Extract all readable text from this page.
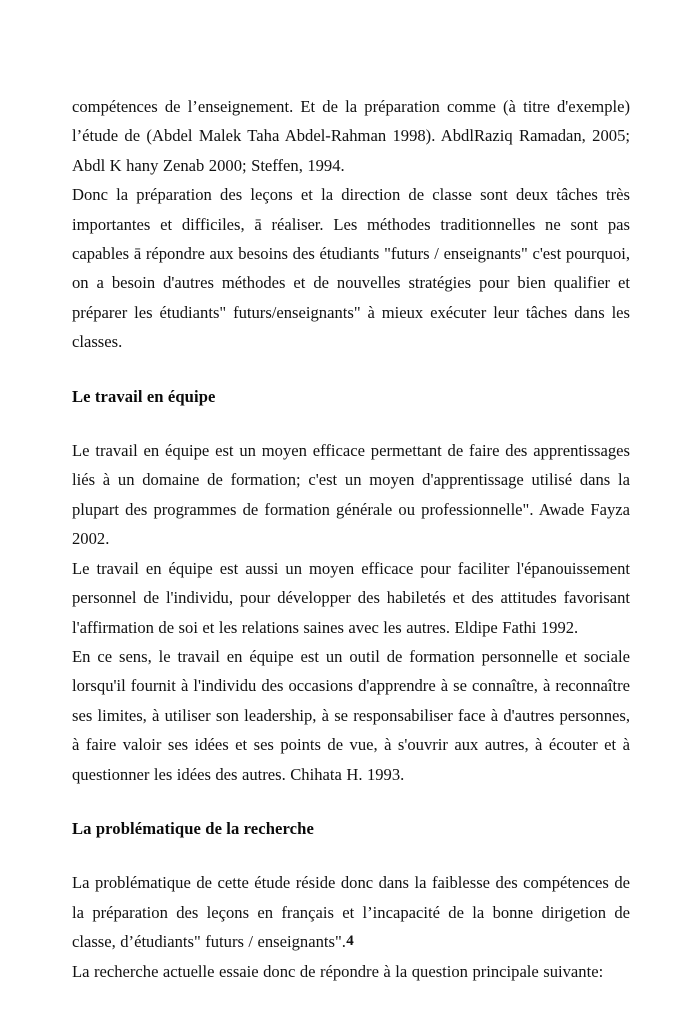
compétences de l’enseignement. Et de la préparation comme (à titre d'exemple) l’étude de (Abdel Malek Taha Abdel-Rahman 1998). AbdlRaziq Ramadan, 2005; Abdl K hany Zenab 2000; Steffen, 1994.

Donc la préparation des leçons et la direction de classe sont deux tâches très importantes et difficiles, ā réaliser. Les méthodes traditionnelles ne sont pas capables ā répondre aux besoins des étudiants "futurs / enseignants" c'est pourquoi, on a besoin d'autres méthodes et de nouvelles stratégies pour bien qualifier et préparer les étudiants" futurs/enseignants" à mieux exécuter leur tâches dans les classes.

Le travail en équipe

Le travail en équipe est un moyen efficace permettant de faire des apprentissages liés à un domaine de formation; c'est un moyen d'apprentissage utilisé dans la plupart des programmes de formation générale ou professionnelle". Awade Fayza 2002.

Le travail en équipe est aussi un moyen efficace pour faciliter l'épanouissement personnel de l'individu, pour développer des habiletés et des attitudes favorisant l'affirmation de soi et les relations saines avec les autres. Eldipe Fathi 1992.

En ce sens, le travail en équipe est un outil de formation personnelle et sociale lorsqu'il fournit à l'individu des occasions d'apprendre à se connaître, à reconnaître ses limites, à utiliser son leadership, à se responsabiliser face à d'autres personnes, à faire valoir ses idées et ses points de vue, à s'ouvrir aux autres, à écouter et à questionner les idées des autres. Chihata H. 1993.

La problématique de la recherche

La problématique de cette étude réside donc dans la faiblesse des compétences de la préparation des leçons en français et l’incapacité de la bonne dirigetion de classe, d’étudiants" futurs / enseignants".

La recherche actuelle essaie donc de répondre à la question principale suivante:

4
